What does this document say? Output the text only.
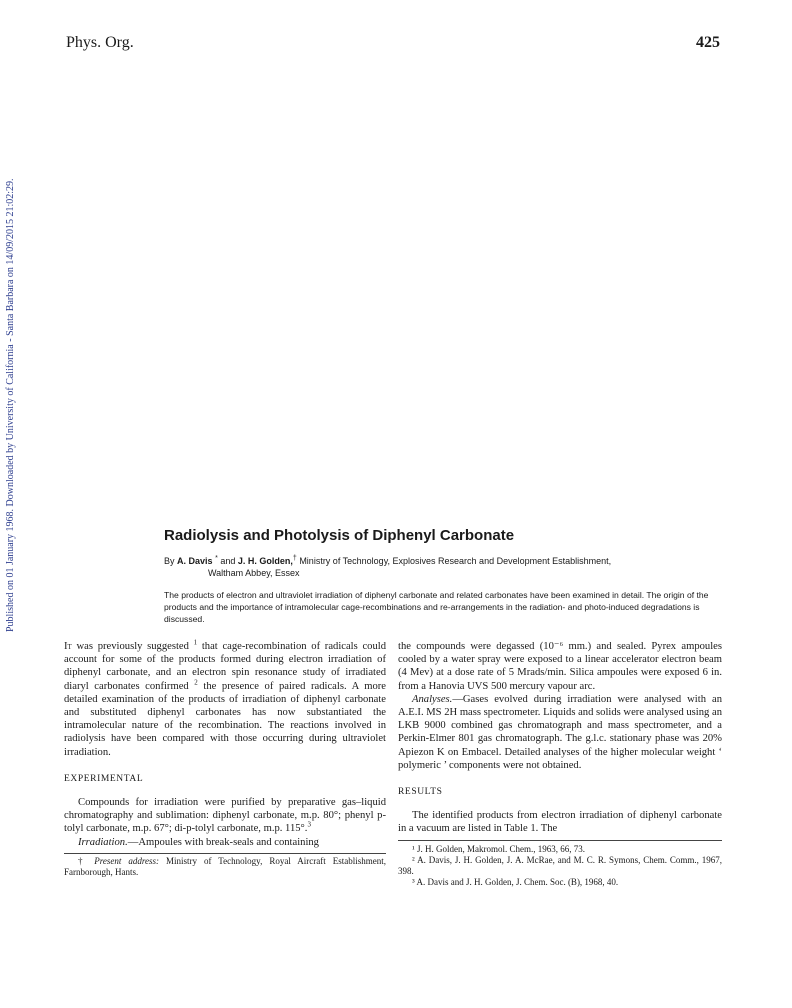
Phys. Org.	425
Published on 01 January 1968. Downloaded by University of California - Santa Barbara on 14/09/2015 21:02:29.	Radiolysis and Photolysis of Diphenyl Carbonate
By A. Davis * and J. H. Golden,† Ministry of Technology, Explosives Research and Development Establishment,
Waltham Abbey, Essex

The products of electron and ultraviolet irradiation of diphenyl carbonate and related carbonates have been examined in detail. The origin of the products and the importance of intramolecular cage-recombinations and re-arrangements in the radiation- and photo-induced degradations is discussed.

It was previously suggested $^1$ that cage-recombination of radicals could account for some of the products formed during electron irradiation of diphenyl carbonate, and an electron spin resonance study of irradiated diaryl carbonates confirmed $^2$ the presence of paired radicals. A more detailed examination of the products of irradiation of diphenyl carbonate and substituted diphenyl carbonates has now substantiated the intramolecular nature of the recombination. The reactions involved in radiolysis have been compared with those occurring during ultraviolet irradiation.

EXPERIMENTAL

Compounds for irradiation were purified by preparative gas–liquid chromatography and sublimation: diphenyl carbonate, m.p. 80°; phenyl p-tolyl carbonate, m.p. 67°; di-p-tolyl carbonate, m.p. 115°.$^3$

Irradiation.—Ampoules with break-seals and containing

† Present address: Ministry of Technology, Royal Aircraft Establishment, Farnborough, Hants.

the compounds were degassed (10⁻⁶ mm.) and sealed. Pyrex ampoules cooled by a water spray were exposed to a linear accelerator electron beam (4 Mev) at a dose rate of 5 Mrads/min. Silica ampoules were exposed 6 in. from a Hanovia UVS 500 mercury vapour arc.

Analyses.—Gases evolved during irradiation were analysed with an A.E.I. MS 2H mass spectrometer. Liquids and solids were analysed using an LKB 9000 combined gas chromatograph and mass spectrometer, and a Perkin-Elmer 801 gas chromatograph. The g.l.c. stationary phase was 20% Apiezon K on Embacel. Detailed analyses of the higher molecular weight ‘ polymeric ’ components were not obtained.

RESULTS

The identified products from electron irradiation of diphenyl carbonate in a vacuum are listed in Table 1. The

¹ J. H. Golden, Makromol. Chem., 1963, 66, 73.

² A. Davis, J. H. Golden, J. A. McRae, and M. C. R. Symons, Chem. Comm., 1967, 398.

³ A. Davis and J. H. Golden, J. Chem. Soc. (B), 1968, 40.
